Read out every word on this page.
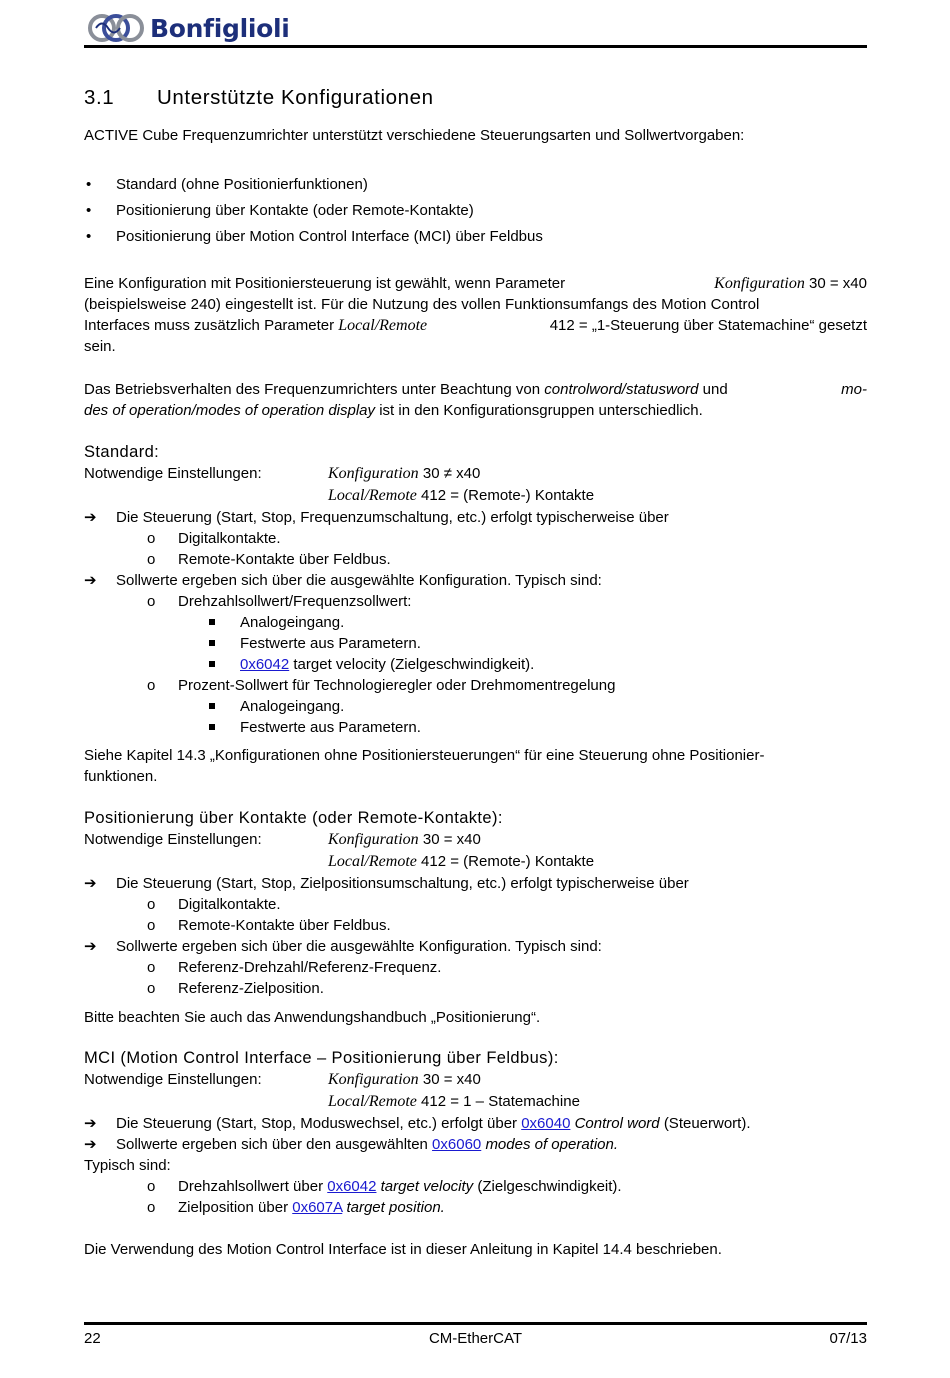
Bonfiglioli
3.1 Unterstützte Konfigurationen
ACTIVE Cube Frequenzumrichter unterstützt verschiedene Steuerungsarten und Sollwertvorgaben:
• Standard (ohne Positionierfunktionen)
• Positionierung über Kontakte (oder Remote-Kontakte)
• Positionierung über Motion Control Interface (MCI) über Feldbus
Eine Konfiguration mit Positioniersteuerung ist gewählt, wenn Parameter	Konfiguration 30 = x40
(beispielsweise 240) eingestellt ist. Für die Nutzung des vollen Funktionsumfangs des Motion Control
Interfaces muss zusätzlich Parameter Local/Remote	412 = „1-Steuerung über Statemachine“ gesetzt
sein.
Das Betriebsverhalten des Frequenzumrichters unter Beachtung von controlword/statusword und	mo-
des of operation/modes of operation display ist in den Konfigurationsgruppen unterschiedlich.
Standard:
Notwendige Einstellungen:	Konfiguration 30 ≠ x40
Local/Remote 412 = (Remote-) Kontakte
➔ Die Steuerung (Start, Stop, Frequenzumschaltung, etc.) erfolgt typischerweise über
o Digitalkontakte.
o Remote-Kontakte über Feldbus.
➔ Sollwerte ergeben sich über die ausgewählte Konfiguration. Typisch sind:
o Drehzahlsollwert/Frequenzsollwert:
Analogeingang.
Festwerte aus Parametern.
0x6042 target velocity (Zielgeschwindigkeit).
o Prozent-Sollwert für Technologieregler oder Drehmomentregelung
Analogeingang.
Festwerte aus Parametern.
Siehe Kapitel 14.3 „Konfigurationen ohne Positioniersteuerungen“ für eine Steuerung ohne Positionier-
funktionen.
Positionierung über Kontakte (oder Remote-Kontakte):
Notwendige Einstellungen:	Konfiguration 30 = x40
Local/Remote 412 = (Remote-) Kontakte
➔ Die Steuerung (Start, Stop, Zielpositionsumschaltung, etc.) erfolgt typischerweise über
o Digitalkontakte.
o Remote-Kontakte über Feldbus.
➔ Sollwerte ergeben sich über die ausgewählte Konfiguration. Typisch sind:
o Referenz-Drehzahl/Referenz-Frequenz.
o Referenz-Zielposition.
Bitte beachten Sie auch das Anwendungshandbuch „Positionierung“.
MCI (Motion Control Interface – Positionierung über Feldbus):
Notwendige Einstellungen:	Konfiguration 30 = x40
Local/Remote 412 = 1 – Statemachine
➔ Die Steuerung (Start, Stop, Moduswechsel, etc.) erfolgt über 0x6040 Control word (Steuerwort).
➔ Sollwerte ergeben sich über den ausgewählten 0x6060 modes of operation.
Typisch sind:
o Drehzahlsollwert über 0x6042 target velocity (Zielgeschwindigkeit).
o Zielposition über 0x607A target position.
Die Verwendung des Motion Control Interface ist in dieser Anleitung in Kapitel 14.4 beschrieben.
22	CM-EtherCAT	07/13
